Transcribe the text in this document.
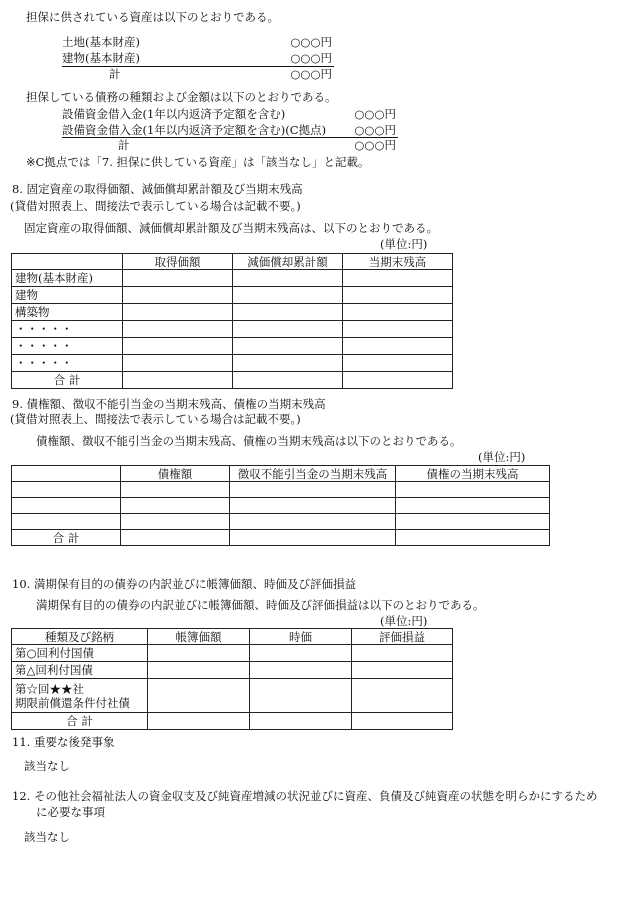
担保に供されている資産は以下のとおりである。
土地(基本財産)	○○○円
建物(基本財産)	○○○円
計	○○○円
担保している債務の種類および金額は以下のとおりである。
設備資金借入金(1年以内返済予定額を含む)	○○○円
設備資金借入金(1年以内返済予定額を含む)(C拠点)	○○○円
計	○○○円
※C拠点では「7. 担保に供している資産」は「該当なし」と記載。
8. 固定資産の取得価額、減価償却累計額及び当期末残高
(貸借対照表上、間接法で表示している場合は記載不要。)
固定資産の取得価額、減価償却累計額及び当期末残高は、以下のとおりである。
(単位:円)
	取得価額	減価償却累計額	当期末残高
建物(基本財産)			
建物			
構築物			
・・・・・			
・・・・・			
・・・・・			
合 計			
9. 債権額、徴収不能引当金の当期末残高、債権の当期末残高
(貸借対照表上、間接法で表示している場合は記載不要。)
債権額、徴収不能引当金の当期末残高、債権の当期末残高は以下のとおりである。
(単位:円)
	債権額	徴収不能引当金の当期末残高	債権の当期末残高

合 計			
10. 満期保有目的の債券の内訳並びに帳簿価額、時価及び評価損益
満期保有目的の債券の内訳並びに帳簿価額、時価及び評価損益は以下のとおりである。
(単位:円)
種類及び銘柄	帳簿価額	時価	評価損益
第○回利付国債			
第△回利付国債			

第☆回★★社
期限前償還条件付社債			

合 計			
11. 重要な後発事象
該当なし
12. その他社会福祉法人の資金収支及び純資産増減の状況並びに資産、負債及び純資産の状態を明らかにするため
に必要な事項
該当なし
